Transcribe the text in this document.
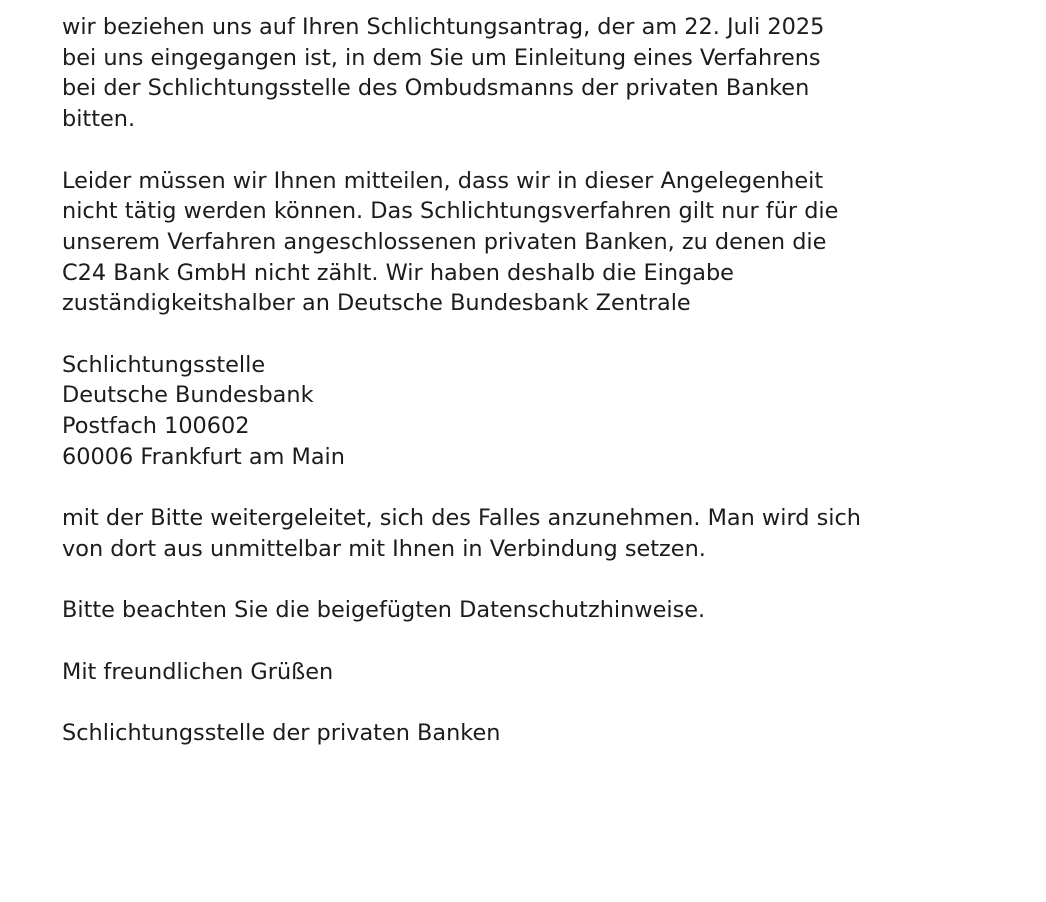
wir beziehen uns auf Ihren Schlichtungsantrag, der am 22. Juli 2025
bei uns eingegangen ist, in dem Sie um Einleitung eines Verfahrens
bei der Schlichtungsstelle des Ombudsmanns der privaten Banken
bitten.

Leider müssen wir Ihnen mitteilen, dass wir in dieser Angelegenheit
nicht tätig werden können. Das Schlichtungsverfahren gilt nur für die
unserem Verfahren angeschlossenen privaten Banken, zu denen die
C24 Bank GmbH nicht zählt. Wir haben deshalb die Eingabe
zuständigkeitshalber an Deutsche Bundesbank Zentrale

Schlichtungsstelle
Deutsche Bundesbank
Postfach 100602
60006 Frankfurt am Main

mit der Bitte weitergeleitet, sich des Falles anzunehmen. Man wird sich
von dort aus unmittelbar mit Ihnen in Verbindung setzen.

Bitte beachten Sie die beigefügten Datenschutzhinweise.

Mit freundlichen Grüßen

Schlichtungsstelle der privaten Banken
